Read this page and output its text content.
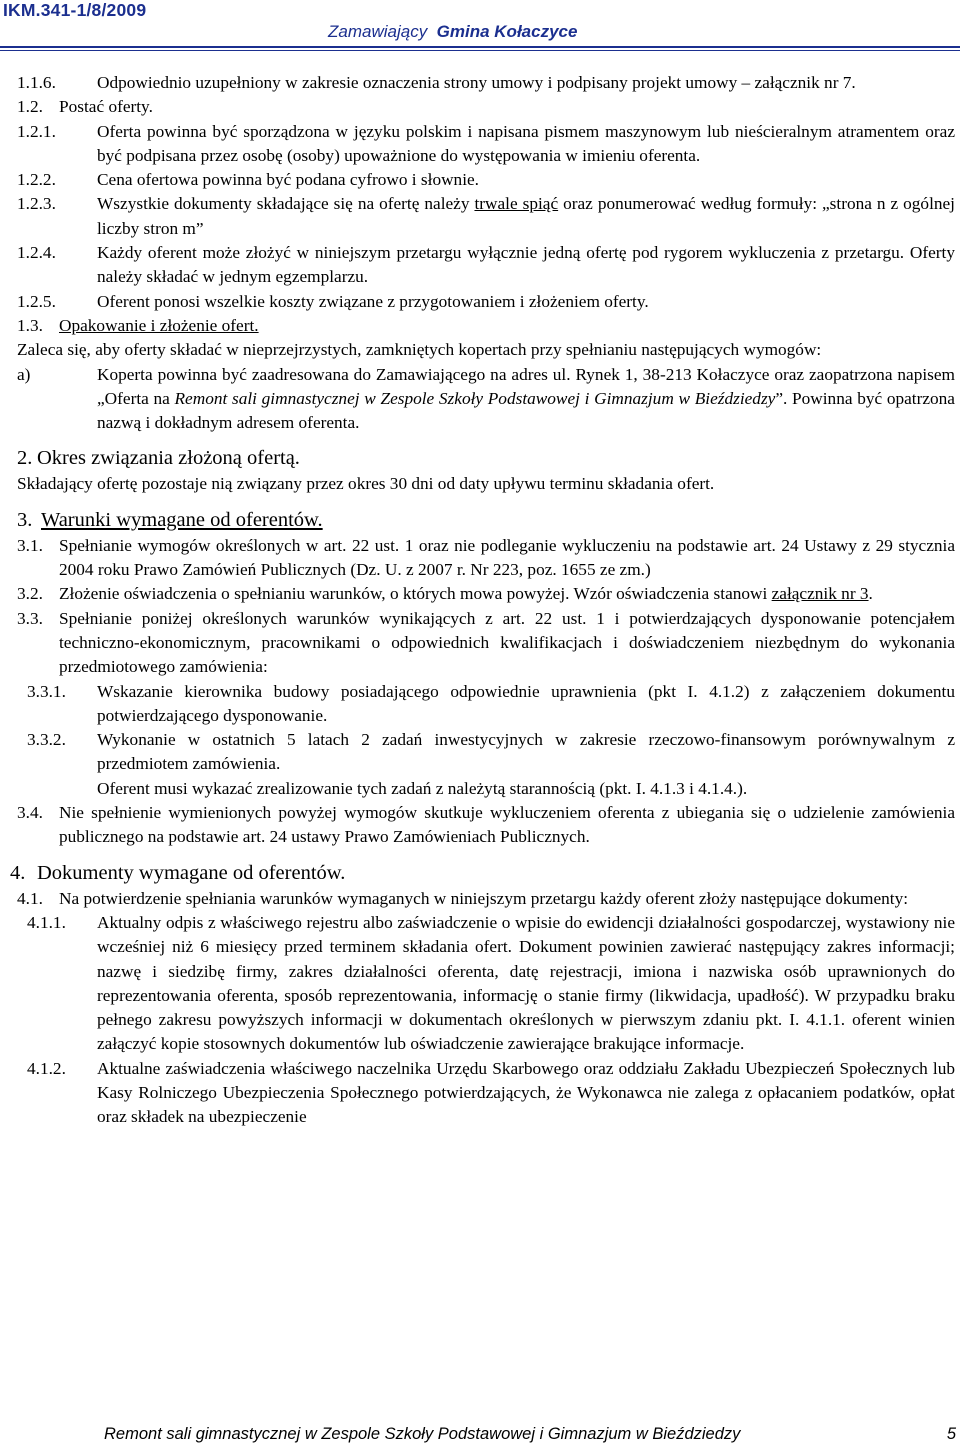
IKM.341-1/8/2009
Zamawiający Gmina Kołaczyce
1.1.6.	Odpowiednio uzupełniony w zakresie oznaczenia strony umowy i podpisany projekt umowy – załącznik nr 7.
1.2. Postać oferty.
1.2.1.	Oferta powinna być sporządzona w języku polskim i napisana pismem maszynowym lub nieścieralnym atramentem oraz być podpisana przez osobę (osoby) upoważnione do występowania w imieniu oferenta.
1.2.2.	Cena ofertowa powinna być podana cyfrowo i słownie.
1.2.3.	Wszystkie dokumenty składające się na ofertę należy trwale spiąć oraz ponumerować według formuły: „strona n z ogólnej liczby stron m”
1.2.4.	Każdy oferent może złożyć w niniejszym przetargu wyłącznie jedną ofertę pod rygorem wykluczenia z przetargu. Oferty należy składać w jednym egzemplarzu.
1.2.5.	Oferent ponosi wszelkie koszty związane z przygotowaniem i złożeniem oferty.
1.3. Opakowanie i złożenie ofert.
Zaleca się, aby oferty składać w nieprzejrzystych, zamkniętych kopertach przy spełnianiu następujących wymogów:
a)	Koperta powinna być zaadresowana do Zamawiającego na adres ul. Rynek 1, 38-213 Kołaczyce oraz zaopatrzona napisem „Oferta na Remont sali gimnastycznej w Zespole Szkoły Podstawowej i Gimnazjum w Bieździedzy”. Powinna być opatrzona nazwą i dokładnym adresem oferenta.
2. Okres związania złożoną ofertą.
Składający ofertę pozostaje nią związany przez okres 30 dni od daty upływu terminu składania ofert.
3. Warunki wymagane od oferentów.
3.1. Spełnianie wymogów określonych w art. 22 ust. 1 oraz nie podleganie wykluczeniu na podstawie art. 24 Ustawy z 29 stycznia 2004 roku Prawo Zamówień Publicznych (Dz. U. z 2007 r. Nr 223, poz. 1655 ze zm.)
3.2. Złożenie oświadczenia o spełnianiu warunków, o których mowa powyżej. Wzór oświadczenia stanowi załącznik nr 3.
3.3. Spełnianie poniżej określonych warunków wynikających z art. 22 ust. 1 i potwierdzających dysponowanie potencjałem techniczno-ekonomicznym, pracownikami o odpowiednich kwalifikacjach i doświadczeniem niezbędnym do wykonania przedmiotowego zamówienia:
3.3.1.	Wskazanie kierownika budowy posiadającego odpowiednie uprawnienia (pkt I. 4.1.2) z załączeniem dokumentu potwierdzającego dysponowanie.
3.3.2.	Wykonanie w ostatnich 5 latach 2 zadań inwestycyjnych w zakresie rzeczowo-finansowym porównywalnym z przedmiotem zamówienia.
Oferent musi wykazać zrealizowanie tych zadań z należytą starannością (pkt. I. 4.1.3 i 4.1.4.).
3.4. Nie spełnienie wymienionych powyżej wymogów skutkuje wykluczeniem oferenta z ubiegania się o udzielenie zamówienia publicznego na podstawie art. 24 ustawy Prawo Zamówieniach Publicznych.
4. Dokumenty wymagane od oferentów.
4.1. Na potwierdzenie spełniania warunków wymaganych w niniejszym przetargu każdy oferent złoży następujące dokumenty:
4.1.1.	Aktualny odpis z właściwego rejestru albo zaświadczenie o wpisie do ewidencji działalności gospodarczej, wystawiony nie wcześniej niż 6 miesięcy przed terminem składania ofert. Dokument powinien zawierać następujący zakres informacji; nazwę i siedzibę firmy, zakres działalności oferenta, datę rejestracji, imiona i nazwiska osób uprawnionych do reprezentowania oferenta, sposób reprezentowania, informację o stanie firmy (likwidacja, upadłość). W przypadku braku pełnego zakresu powyższych informacji w dokumentach określonych w pierwszym zdaniu pkt. I. 4.1.1. oferent winien załączyć kopie stosownych dokumentów lub oświadczenie zawierające brakujące informacje.
4.1.2.	Aktualne zaświadczenia właściwego naczelnika Urzędu Skarbowego oraz oddziału Zakładu Ubezpieczeń Społecznych lub Kasy Rolniczego Ubezpieczenia Społecznego potwierdzających, że Wykonawca nie zalega z opłacaniem podatków, opłat oraz składek na ubezpieczenie
Remont sali gimnastycznej w Zespole Szkoły Podstawowej i Gimnazjum w Bieździedzy	5
